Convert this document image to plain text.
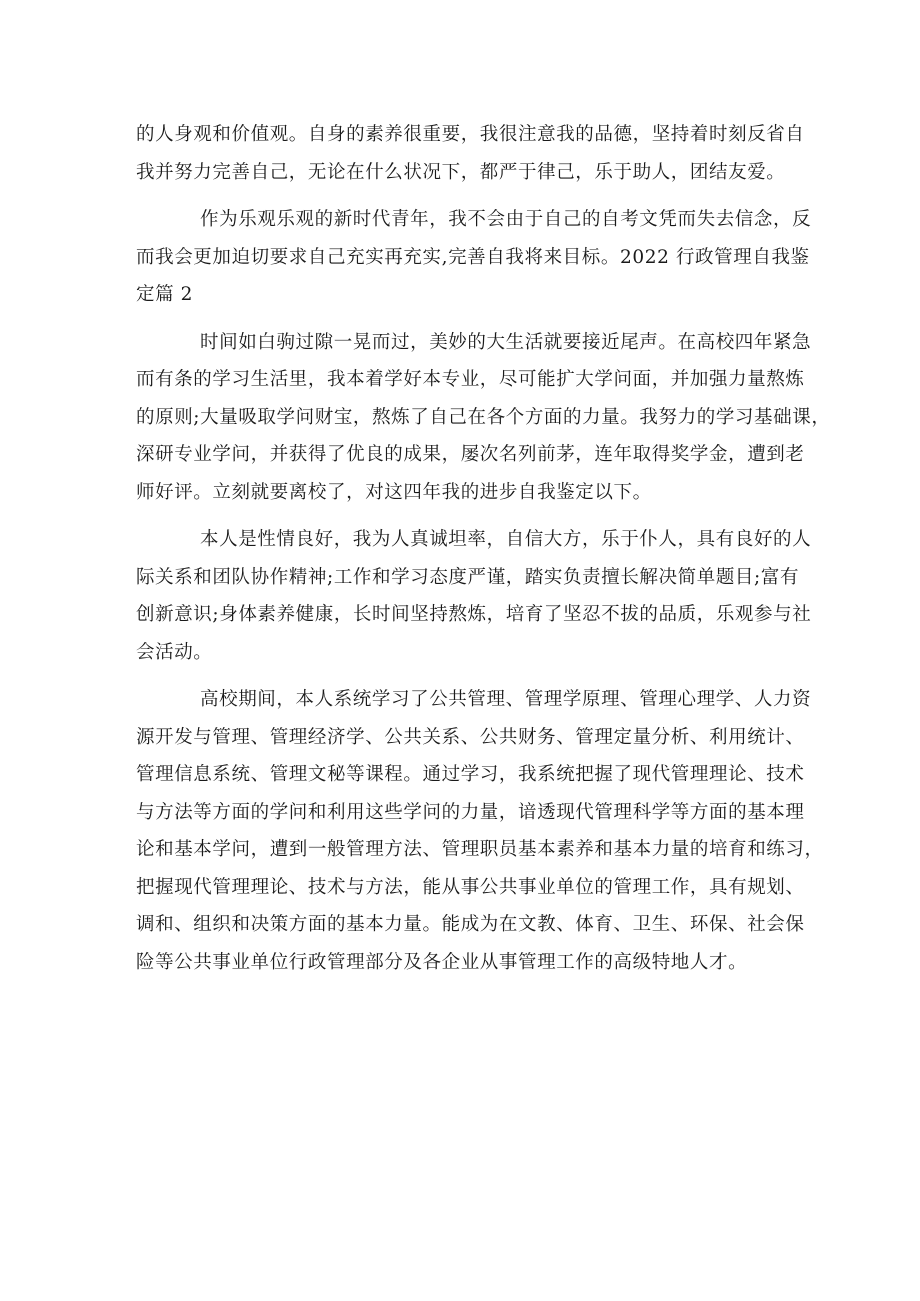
的人身观和价值观。自身的素养很重要，我很注意我的品德，坚持着时刻反省自
我并努力完善自己，无论在什么状况下，都严于律己，乐于助人，团结友爱。
作为乐观乐观的新时代青年，我不会由于自己的自考文凭而失去信念，反
而我会更加迫切要求自己充实再充实,完善自我将来目标。2022 行政管理自我鉴
定篇 2
时间如白驹过隙一晃而过，美妙的大生活就要接近尾声。在高校四年紧急
而有条的学习生活里，我本着学好本专业，尽可能扩大学问面，并加强力量熬炼
的原则;大量吸取学问财宝，熬炼了自己在各个方面的力量。我努力的学习基础课，
深研专业学问，并获得了优良的成果，屡次名列前茅，连年取得奖学金，遭到老
师好评。立刻就要离校了，对这四年我的进步自我鉴定以下。
本人是性情良好，我为人真诚坦率，自信大方，乐于仆人，具有良好的人
际关系和团队协作精神;工作和学习态度严谨，踏实负责擅长解决简单题目;富有
创新意识;身体素养健康，长时间坚持熬炼，培育了坚忍不拔的品质，乐观参与社
会活动。
高校期间，本人系统学习了公共管理、管理学原理、管理心理学、人力资
源开发与管理、管理经济学、公共关系、公共财务、管理定量分析、利用统计、
管理信息系统、管理文秘等课程。通过学习，我系统把握了现代管理理论、技术
与方法等方面的学问和利用这些学问的力量，谙透现代管理科学等方面的基本理
论和基本学问，遭到一般管理方法、管理职员基本素养和基本力量的培育和练习，
把握现代管理理论、技术与方法，能从事公共事业单位的管理工作，具有规划、
调和、组织和决策方面的基本力量。能成为在文教、体育、卫生、环保、社会保
险等公共事业单位行政管理部分及各企业从事管理工作的高级特地人才。
